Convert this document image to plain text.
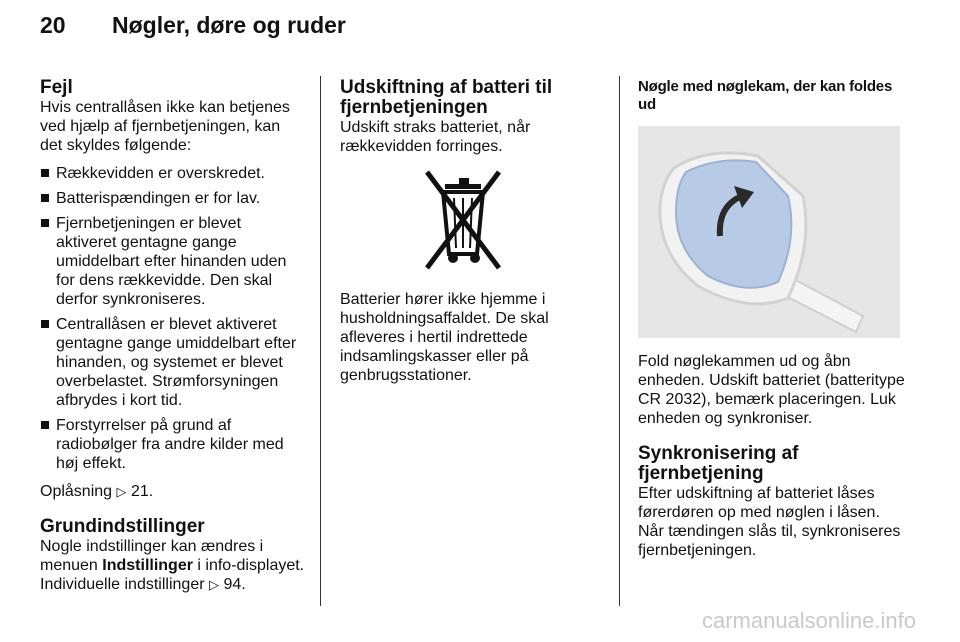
20	Nøgler, døre og ruder
Fejl

Hvis centrallåsen ikke kan betjenes ved hjælp af fjernbetjeningen, kan det skyldes følgende:

Rækkevidden er overskredet.
Batterispændingen er for lav.
Fjernbetjeningen er blevet aktiveret gentagne gange umiddelbart efter hinanden uden for dens rækkevidde. Den skal derfor synkroniseres.
Centrallåsen er blevet aktiveret gentagne gange umiddelbart efter hinanden, og systemet er blevet overbelastet. Strømforsyningen afbrydes i kort tid.
Forstyrrelser på grund af radiobølger fra andre kilder med høj effekt.

Oplåsning ▷ 21.

Grundindstillinger

Nogle indstillinger kan ændres i menuen Indstillinger i info-displayet. Individuelle indstillinger ▷ 94.

Udskiftning af batteri til fjernbetjeningen

Udskift straks batteriet, når rækkevidden forringes.

Batterier hører ikke hjemme i husholdningsaffaldet. De skal afleveres i hertil indrettede indsamlingskasser eller på genbrugsstationer.

Nøgle med nøglekam, der kan foldes ud

Fold nøglekammen ud og åbn enheden. Udskift batteriet (batteritype CR 2032), bemærk placeringen. Luk enheden og synkroniser.

Synkronisering af fjernbetjening

Efter udskiftning af batteriet låses førerdøren op med nøglen i låsen. Når tændingen slås til, synkroniseres fjernbetjeningen.

carmanualsonline.info
